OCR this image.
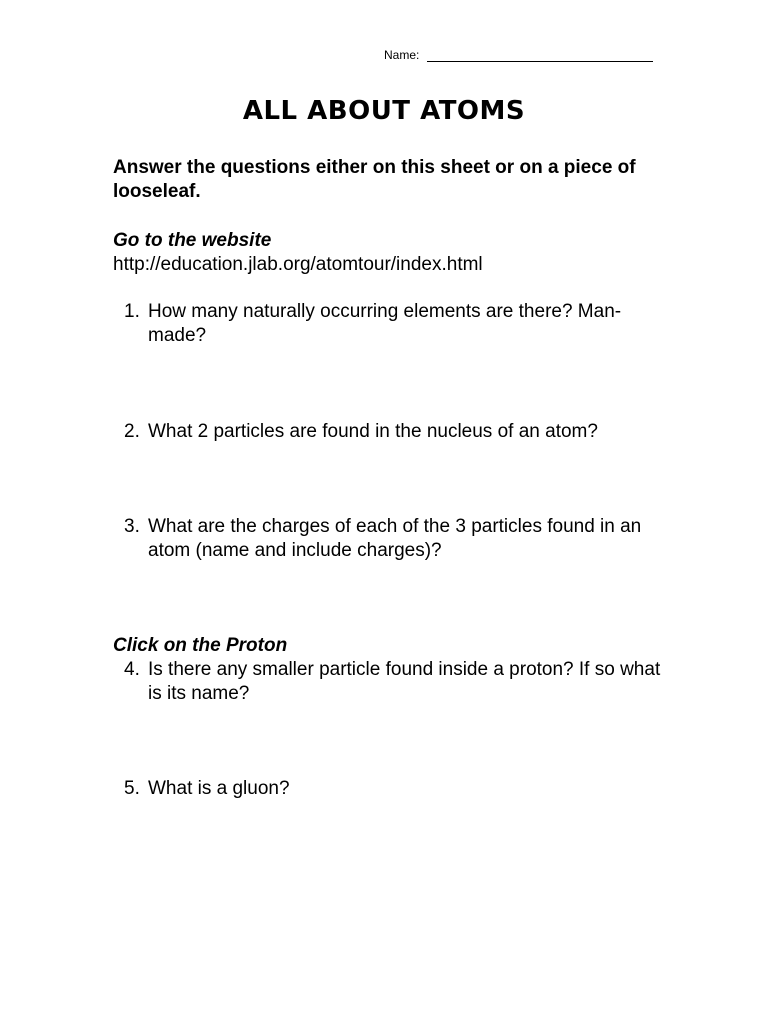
Name:
ALL ABOUT ATOMS
Answer the questions either on this sheet or on a piece of looseleaf.
Go to the website
http://education.jlab.org/atomtour/index.html
1. How many naturally occurring elements are there? Man-made?
2. What 2 particles are found in the nucleus of an atom?
3. What are the charges of each of the 3 particles found in an atom (name and include charges)?
Click on the Proton
4. Is there any smaller particle found inside a proton? If so what is its name?
5. What is a gluon?
